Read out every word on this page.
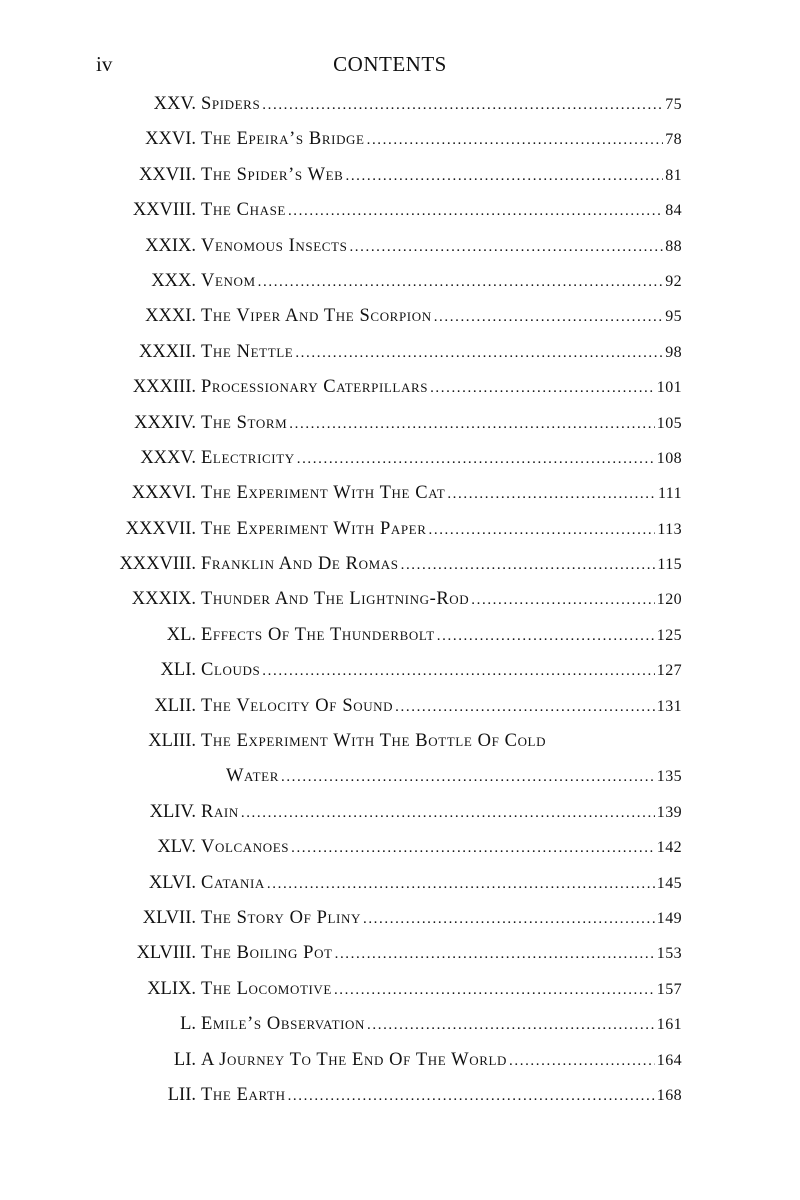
iv	CONTENTS
XXV. Spiders .....	75
XXVI. The Epeira’s Bridge .....	78
XXVII. The Spider’s Web .....	81
XXVIII. The Chase .....	84
XXIX. Venomous Insects .....	88
XXX. Venom .....	92
XXXI. The Viper And The Scorpion .....	95
XXXII. The Nettle .....	98
XXXIII. Processionary Caterpillars .....	101
XXXIV. The Storm .....	105
XXXV. Electricity .....	108
XXXVI. The Experiment With The Cat .....	111
XXXVII. The Experiment With Paper .....	113
XXXVIII. Franklin And De Romas .....	115
XXXIX. Thunder And The Lightning-Rod .....	120
XL. Effects Of The Thunderbolt .....	125
XLI. Clouds .....	127
XLII. The Velocity Of Sound .....	131
XLIII. The Experiment With The Bottle Of Cold
Water .....	135
XLIV. Rain .....	139
XLV. Volcanoes .....	142
XLVI. Catania .....	145
XLVII. The Story Of Pliny .....	149
XLVIII. The Boiling Pot .....	153
XLIX. The Locomotive .....	157
L. Emile’s Observation .....	161
LI. A Journey To The End Of The World .....	164
LII. The Earth .....	168
